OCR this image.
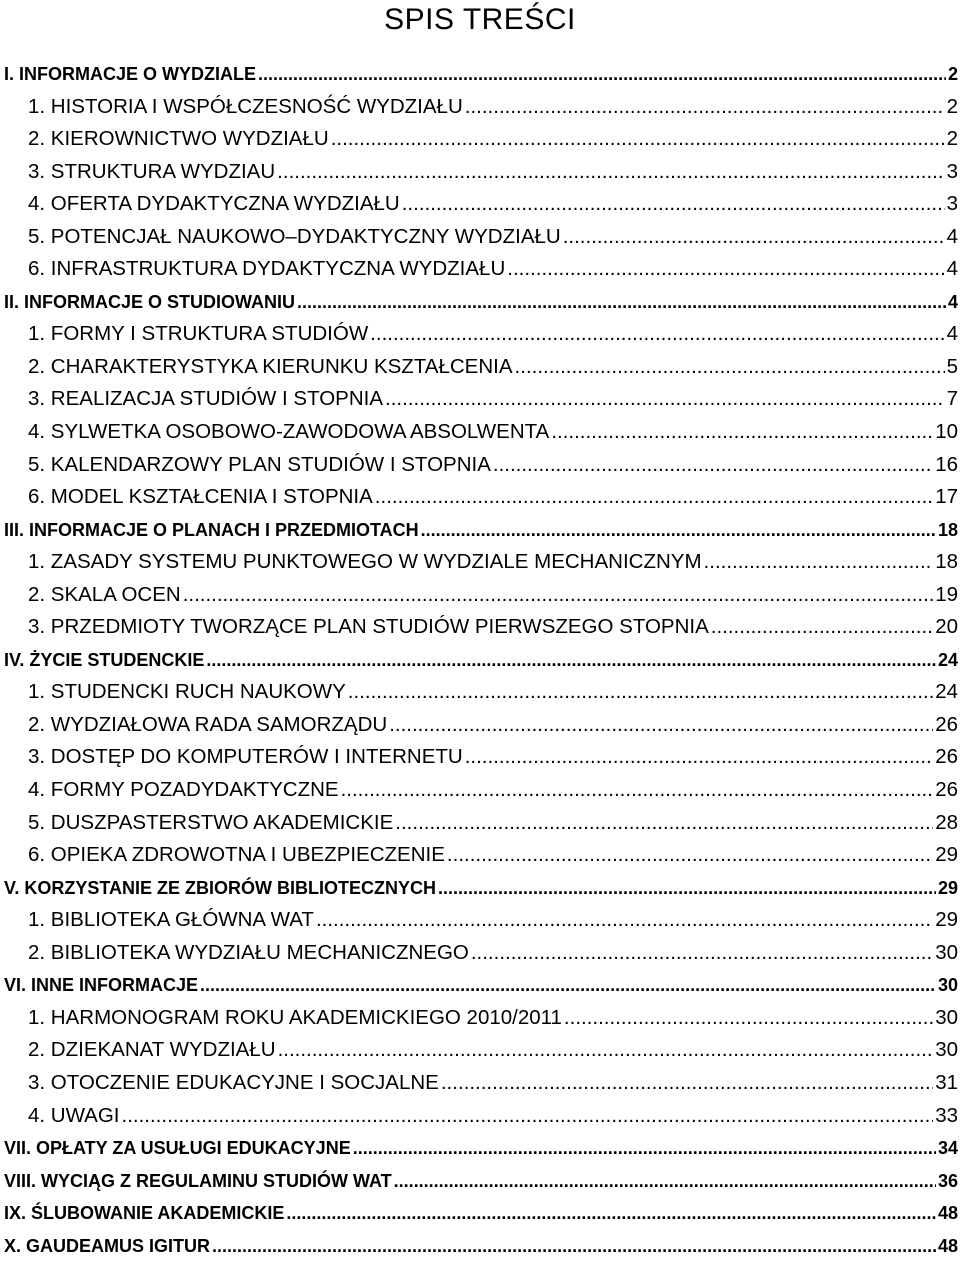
SPIS TREŚCI
I. INFORMACJE O WYDZIALE .....	2
1. HISTORIA I WSPÓŁCZESNOŚĆ WYDZIAŁU .....	2
2. KIEROWNICTWO WYDZIAŁU .....	2
3. STRUKTURA WYDZIAU .....	3
4. OFERTA DYDAKTYCZNA WYDZIAŁU .....	3
5. POTENCJAŁ NAUKOWO–DYDAKTYCZNY WYDZIAŁU .....	4
6. INFRASTRUKTURA DYDAKTYCZNA WYDZIAŁU .....	4
II. INFORMACJE O STUDIOWANIU .....	4
1. FORMY I STRUKTURA STUDIÓW .....	4
2. CHARAKTERYSTYKA KIERUNKU KSZTAŁCENIA .....	5
3. REALIZACJA STUDIÓW I STOPNIA .....	7
4. SYLWETKA OSOBOWO-ZAWODOWA ABSOLWENTA .....	10
5. KALENDARZOWY PLAN STUDIÓW I STOPNIA .....	16
6. MODEL KSZTAŁCENIA I STOPNIA .....	17
III. INFORMACJE O PLANACH I PRZEDMIOTACH .....	18
1. ZASADY SYSTEMU PUNKTOWEGO W WYDZIALE MECHANICZNYM .....	18
2. SKALA OCEN .....	19
3. PRZEDMIOTY TWORZĄCE PLAN STUDIÓW PIERWSZEGO STOPNIA .....	20
IV. ŻYCIE STUDENCKIE .....	24
1. STUDENCKI RUCH NAUKOWY .....	24
2. WYDZIAŁOWA RADA SAMORZĄDU .....	26
3. DOSTĘP DO KOMPUTERÓW I INTERNETU .....	26
4. FORMY POZADYDAKTYCZNE .....	26
5. DUSZPASTERSTWO AKADEMICKIE .....	28
6. OPIEKA ZDROWOTNA I UBEZPIECZENIE .....	29
V. KORZYSTANIE ZE ZBIORÓW BIBLIOTECZNYCH .....	29
1. BIBLIOTEKA GŁÓWNA WAT .....	29
2. BIBLIOTEKA WYDZIAŁU MECHANICZNEGO .....	30
VI. INNE INFORMACJE .....	30
1. HARMONOGRAM ROKU AKADEMICKIEGO 2010/2011 .....	30
2. DZIEKANAT WYDZIAŁU .....	30
3. OTOCZENIE EDUKACYJNE I SOCJALNE .....	31
4. UWAGI .....	33
VII. OPŁATY ZA USUŁUGI EDUKACYJNE .....	34
VIII. WYCIĄG Z REGULAMINU STUDIÓW WAT .....	36
IX. ŚLUBOWANIE AKADEMICKIE .....	48
X. GAUDEAMUS IGITUR .....	48
